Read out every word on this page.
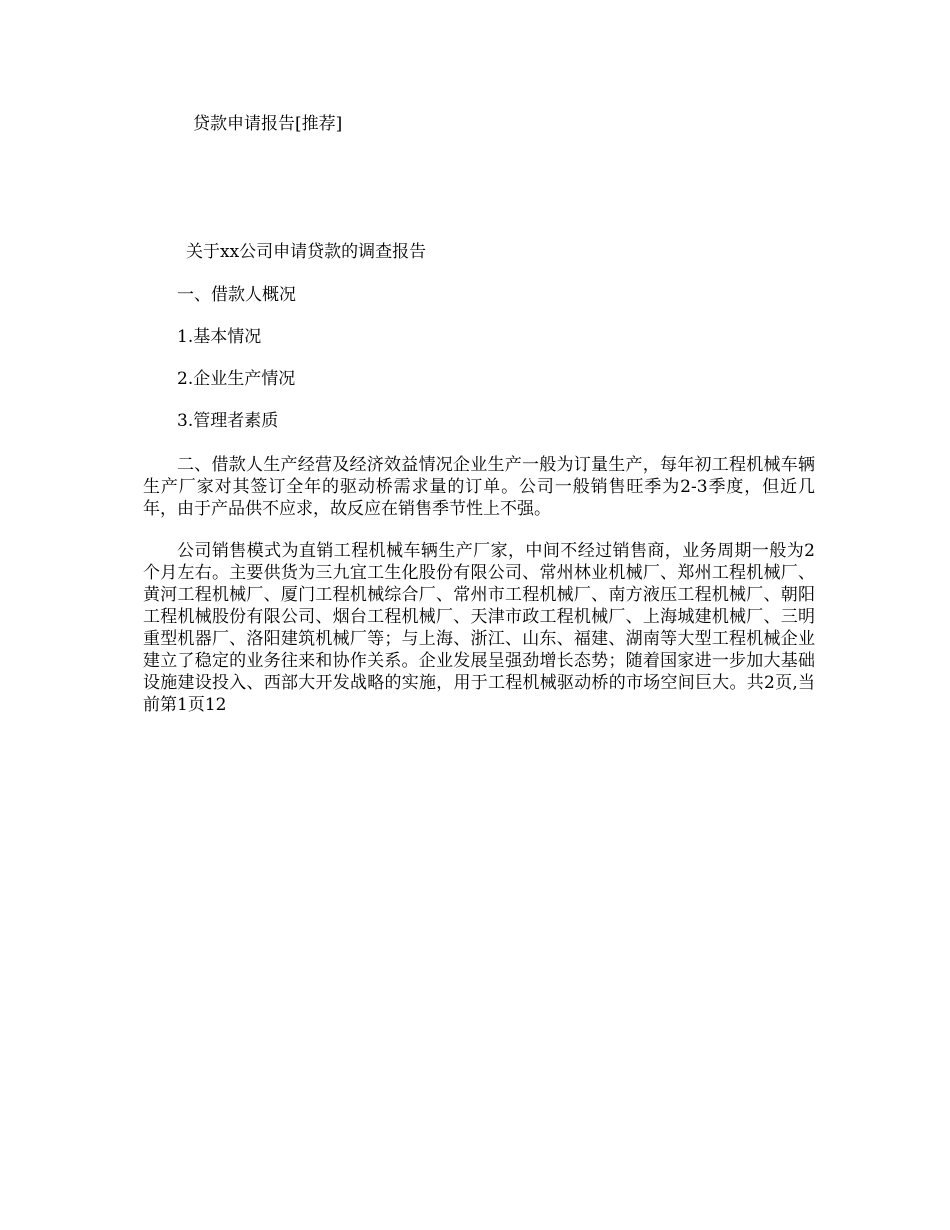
贷款申请报告[推荐]
关于xx公司申请贷款的调查报告
一、借款人概况
1.基本情况
2.企业生产情况
3.管理者素质

二、借款人生产经营及经济效益情况企业生产一般为订量生产，每年初工程机械车辆生产厂家对其签订全年的驱动桥需求量的订单。公司一般销售旺季为2-3季度，但近几年，由于产品供不应求，故反应在销售季节性上不强。

公司销售模式为直销工程机械车辆生产厂家，中间不经过销售商，业务周期一般为2个月左右。主要供货为三九宜工生化股份有限公司、常州林业机械厂、郑州工程机械厂、黄河工程机械厂、厦门工程机械综合厂、常州市工程机械厂、南方液压工程机械厂、朝阳工程机械股份有限公司、烟台工程机械厂、天津市政工程机械厂、上海城建机械厂、三明重型机器厂、洛阳建筑机械厂等；与上海、浙江、山东、福建、湖南等大型工程机械企业建立了稳定的业务往来和协作关系。企业发展呈强劲增长态势；随着国家进一步加大基础设施建设投入、西部大开发战略的实施，用于工程机械驱动桥的市场空间巨大。共2页,当前第1页12
